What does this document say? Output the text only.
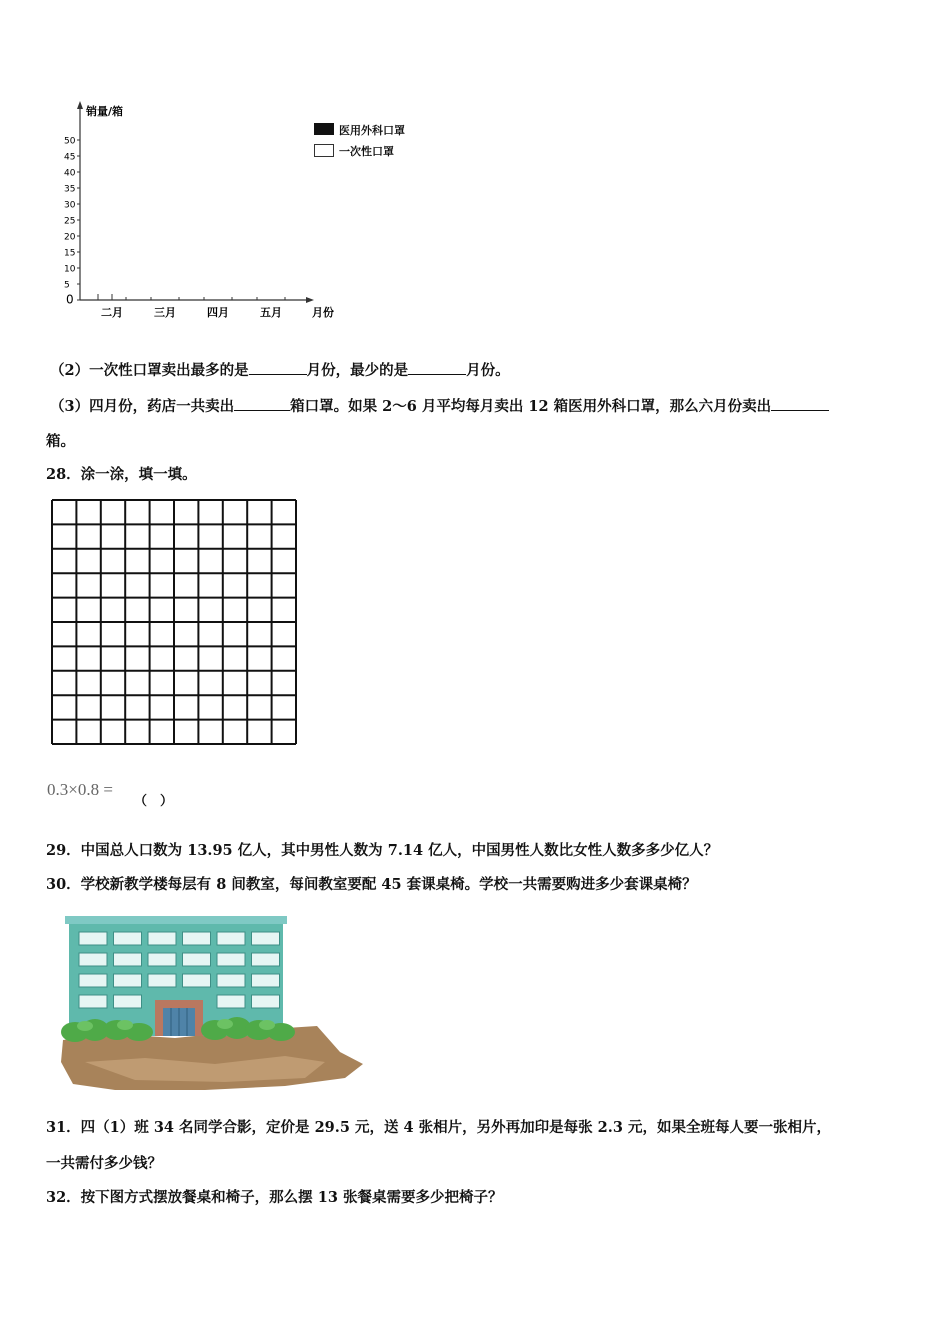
销量/箱
50
45
40
35
30
25
20
15
10
5
0
二月	三月	四月	五月	月份
医用外科口罩
一次性口罩
（2）一次性口罩卖出最多的是	月份，最少的是	月份。
（3）四月份，药店一共卖出	箱口罩。如果 2～6 月平均每月卖出 12 箱医用外科口罩，那么六月份卖出
箱。
28．涂一涂，填一填。
0.3×0.8 =
（　）
29．中国总人口数为 13.95 亿人，其中男性人数为 7.14 亿人，中国男性人数比女性人数多多少亿人？
30．学校新教学楼每层有 8 间教室，每间教室要配 45 套课桌椅。学校一共需要购进多少套课桌椅？
31．四（1）班 34 名同学合影，定价是 29.5 元，送 4 张相片，另外再加印是每张 2.3 元，如果全班每人要一张相片，
一共需付多少钱？
32．按下图方式摆放餐桌和椅子，那么摆 13 张餐桌需要多少把椅子？
